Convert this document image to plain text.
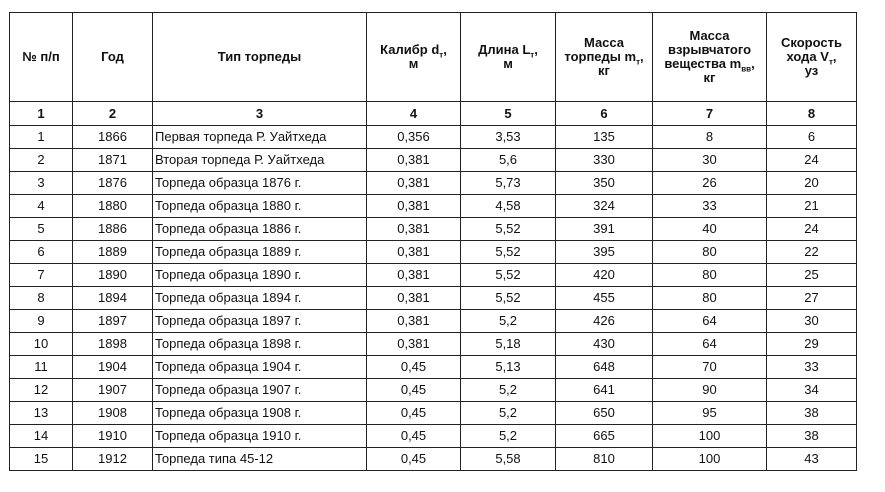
№ п/п	Год	Тип торпеды	Калибр $d_т$,
м	Длина $L_т$,
м	Масса
торпеды $m_т$,
кг	Масса
взрывчатого
вещества $m_{вв}$,
кг	Скорость
хода $V_т$,
уз
1	2	3	4	5	6	7	8
1	1866	Первая торпеда Р. Уайтхеда	0,356	3,53	135	8	6
2	1871	Вторая торпеда Р. Уайтхеда	0,381	5,6	330	30	24
3	1876	Торпеда образца 1876 г.	0,381	5,73	350	26	20
4	1880	Торпеда образца 1880 г.	0,381	4,58	324	33	21
5	1886	Торпеда образца 1886 г.	0,381	5,52	391	40	24
6	1889	Торпеда образца 1889 г.	0,381	5,52	395	80	22
7	1890	Торпеда образца 1890 г.	0,381	5,52	420	80	25
8	1894	Торпеда образца 1894 г.	0,381	5,52	455	80	27
9	1897	Торпеда образца 1897 г.	0,381	5,2	426	64	30
10	1898	Торпеда образца 1898 г.	0,381	5,18	430	64	29
11	1904	Торпеда образца 1904 г.	0,45	5,13	648	70	33
12	1907	Торпеда образца 1907 г.	0,45	5,2	641	90	34
13	1908	Торпеда образца 1908 г.	0,45	5,2	650	95	38
14	1910	Торпеда образца 1910 г.	0,45	5,2	665	100	38
15	1912	Торпеда типа 45-12	0,45	5,58	810	100	43
